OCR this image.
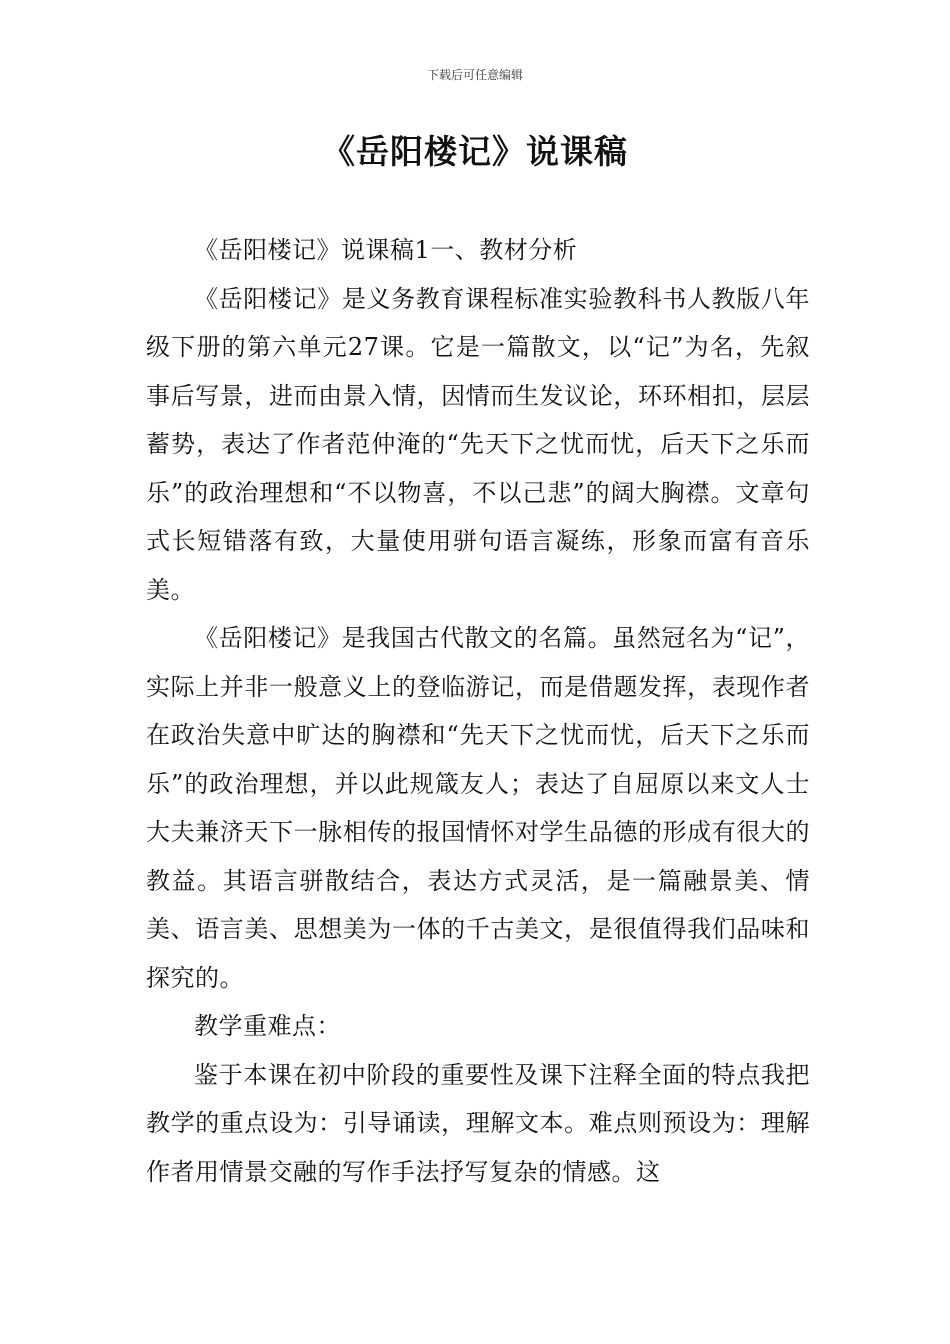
下载后可任意编辑
《岳阳楼记》说课稿

《岳阳楼记》说课稿1一、教材分析

《岳阳楼记》是义务教育课程标准实验教科书人教版八年级下册的第六单元27课。它是一篇散文，以“记”为名，先叙事后写景，进而由景入情，因情而生发议论，环环相扣，层层蓄势，表达了作者范仲淹的“先天下之忧而忧，后天下之乐而乐”的政治理想和“不以物喜，不以己悲”的阔大胸襟。文章句式长短错落有致，大量使用骈句语言凝练，形象而富有音乐美。

《岳阳楼记》是我国古代散文的名篇。虽然冠名为“记”，实际上并非一般意义上的登临游记，而是借题发挥，表现作者在政治失意中旷达的胸襟和“先天下之忧而忧，后天下之乐而乐”的政治理想，并以此规箴友人；表达了自屈原以来文人士大夫兼济天下一脉相传的报国情怀对学生品德的形成有很大的教益。其语言骈散结合，表达方式灵活，是一篇融景美、情美、语言美、思想美为一体的千古美文，是很值得我们品味和探究的。

教学重难点：

鉴于本课在初中阶段的重要性及课下注释全面的特点我把教学的重点设为：引导诵读，理解文本。难点则预设为：理解作者用情景交融的写作手法抒写复杂的情感。这
